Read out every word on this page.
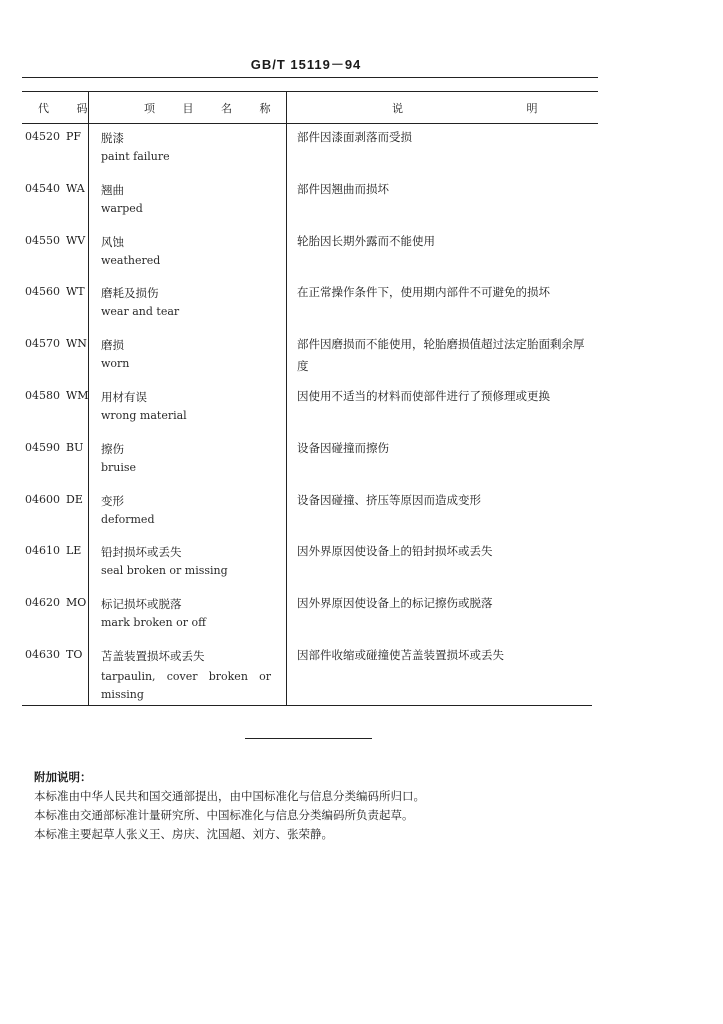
GB/T 15119－94
代 码	项 目 名 称	说 明
04520 PF 脱漆
paint failure
部件因漆面剥落而受损
04540 WA 翘曲
warped
部件因翘曲而损坏
04550 WV 风蚀
weathered
轮胎因长期外露而不能使用
04560 WT 磨耗及损伤
wear and tear
在正常操作条件下，使用期内部件不可避免的损坏
04570 WN 磨损
worn
部件因磨损而不能使用，轮胎磨损值超过法定胎面剩余厚度
04580 WM 用材有误
wrong material
因使用不适当的材料而使部件进行了预修理或更换
04590 BU 擦伤
bruise
设备因碰撞而擦伤
04600 DE 变形
deformed
设备因碰撞、挤压等原因而造成变形
04610 LE 铅封损坏或丢失
seal broken or missing
因外界原因使设备上的铅封损坏或丢失
04620 MO 标记损坏或脱落
mark broken or off
因外界原因使设备上的标记擦伤或脱落
04630 TO 苫盖装置损坏或丢失
tarpaulin, cover broken or missing
因部件收缩或碰撞使苫盖装置损坏或丢失
附加说明：
本标准由中华人民共和国交通部提出，由中国标准化与信息分类编码所归口。
本标准由交通部标准计量研究所、中国标准化与信息分类编码所负责起草。
本标准主要起草人张义王、房庆、沈国超、刘方、张荣静。
